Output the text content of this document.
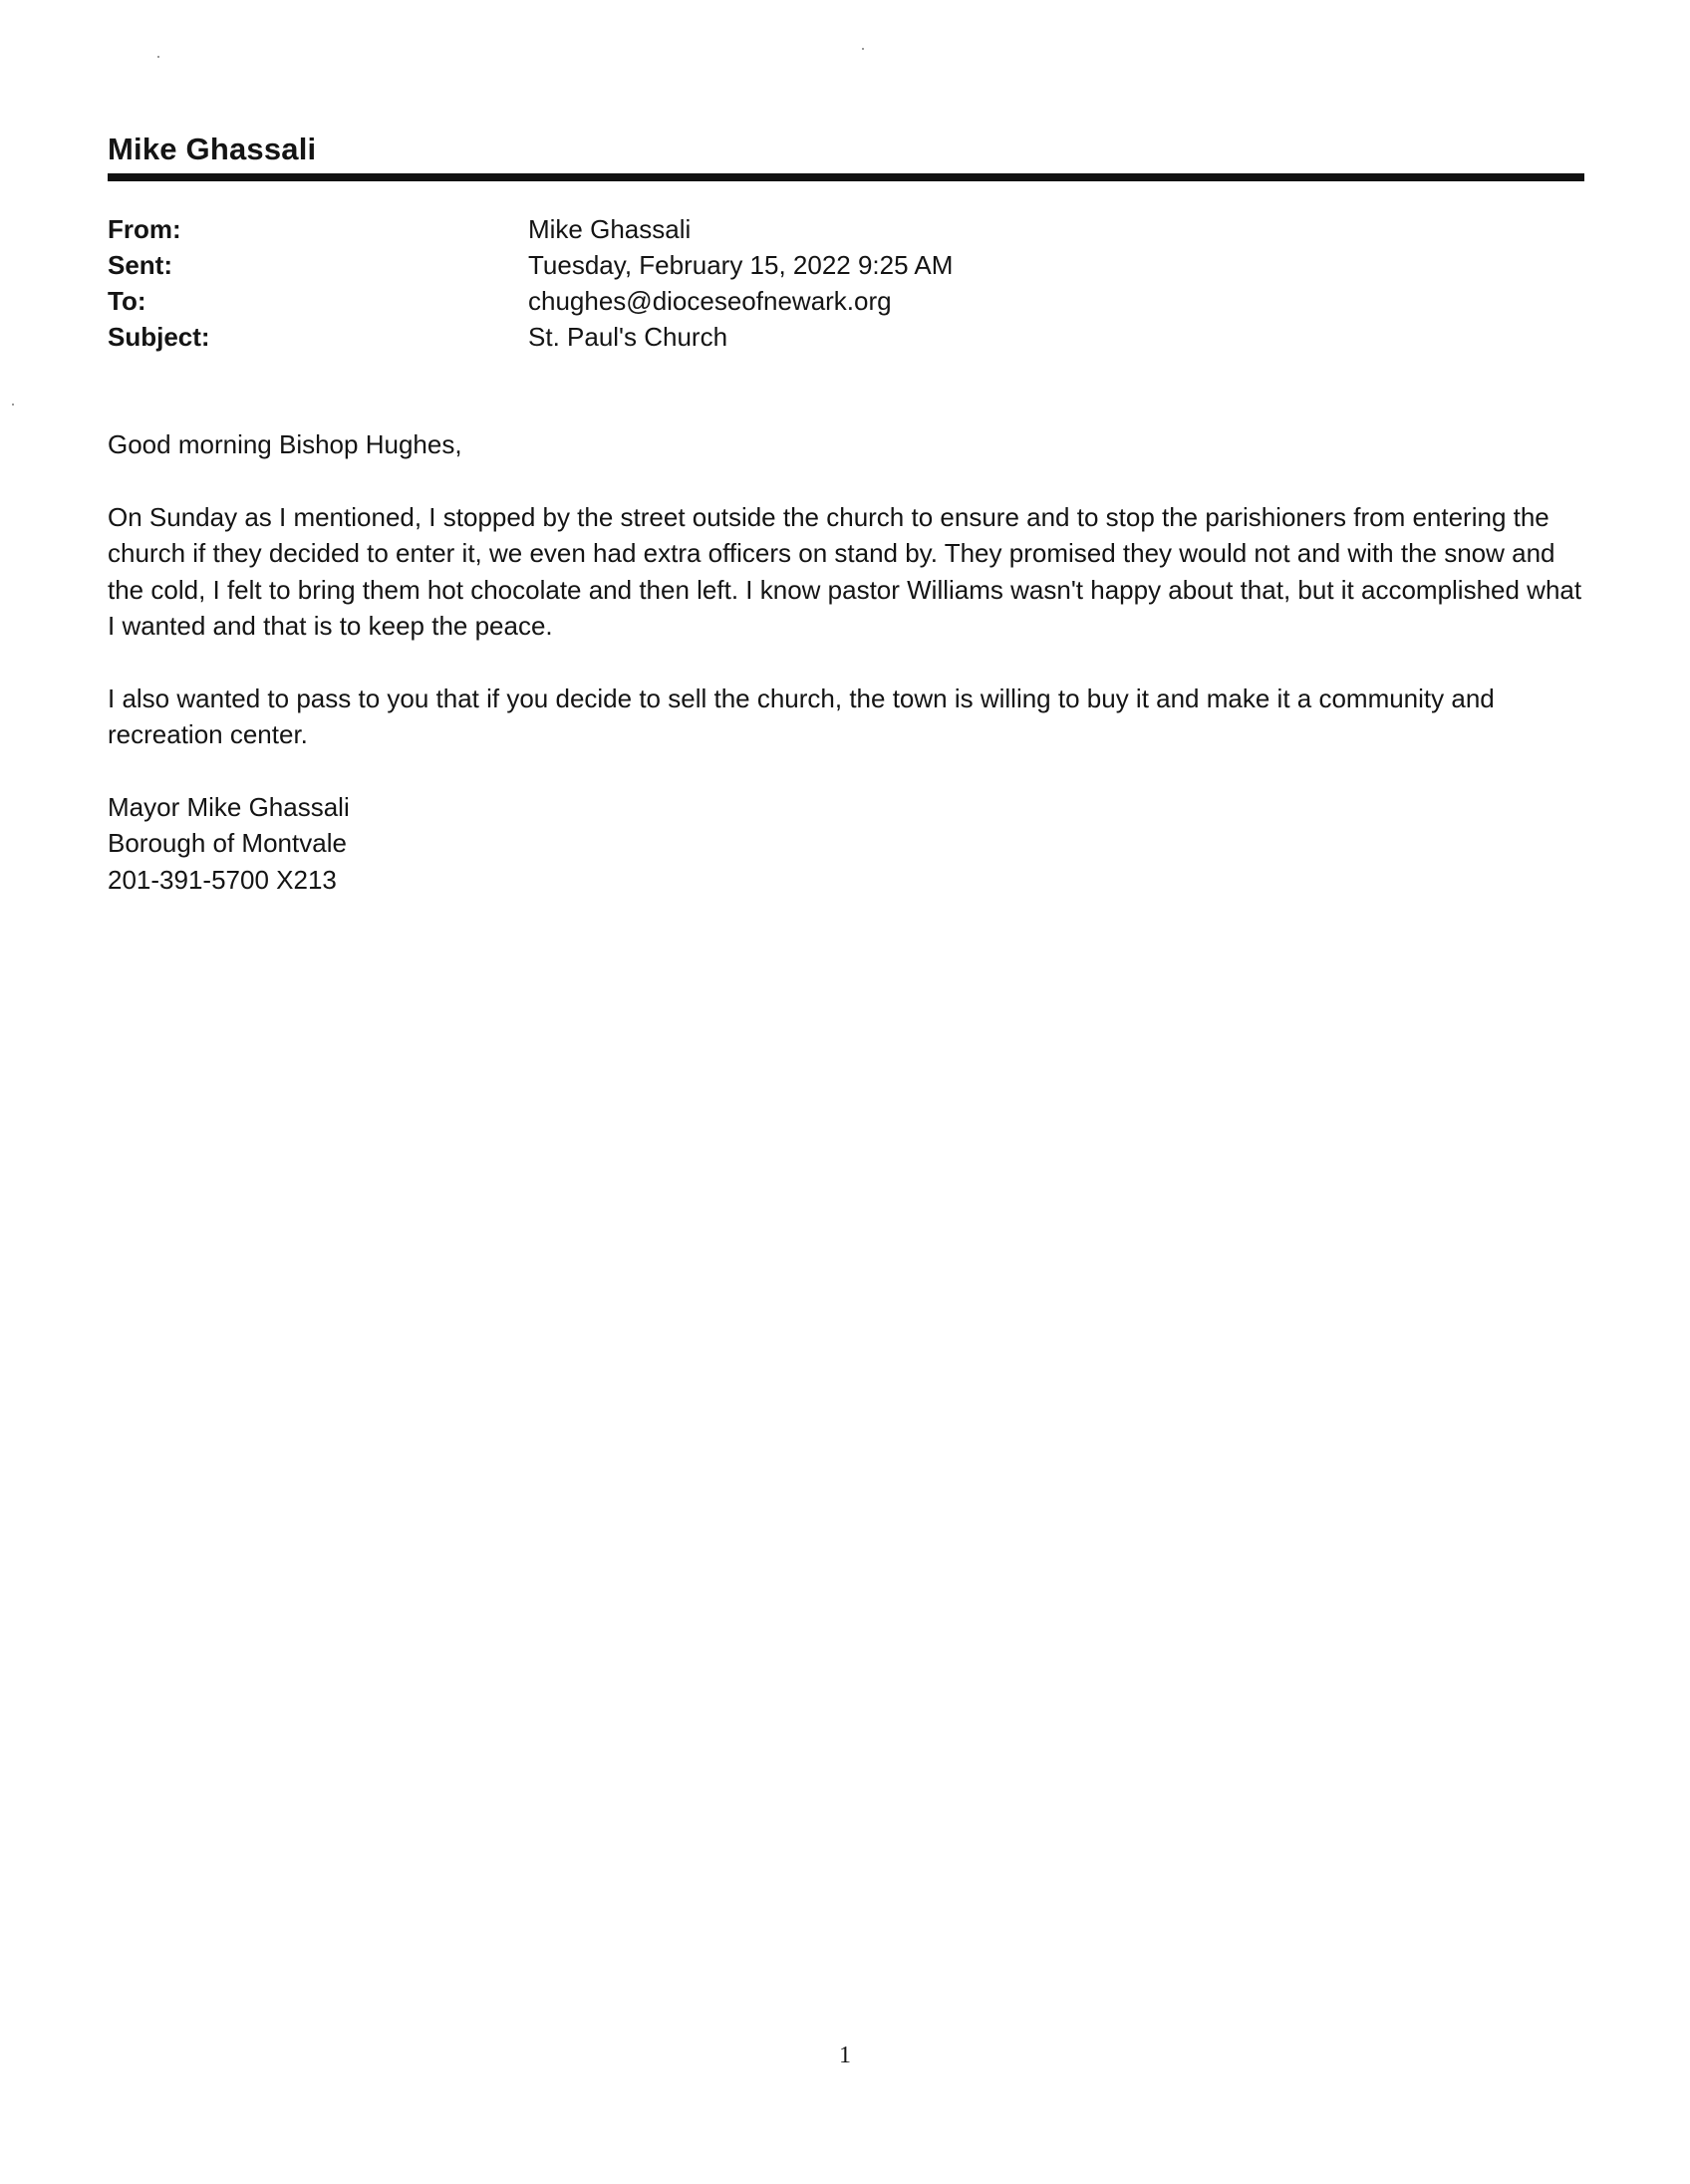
Mike Ghassali
From:	Mike Ghassali
Sent:	Tuesday, February 15, 2022 9:25 AM
To:	chughes@dioceseofnewark.org
Subject:	St. Paul's Church

Good morning Bishop Hughes,

On Sunday as I mentioned, I stopped by the street outside the church to ensure and to stop the parishioners from entering the church if they decided to enter it, we even had extra officers on stand by. They promised they would not and with the snow and the cold, I felt to bring them hot chocolate and then left. I know pastor Williams wasn't happy about that, but it accomplished what I wanted and that is to keep the peace.

I also wanted to pass to you that if you decide to sell the church, the town is willing to buy it and make it a community and recreation center.

Mayor Mike Ghassali
Borough of Montvale
201-391-5700 X213
1
